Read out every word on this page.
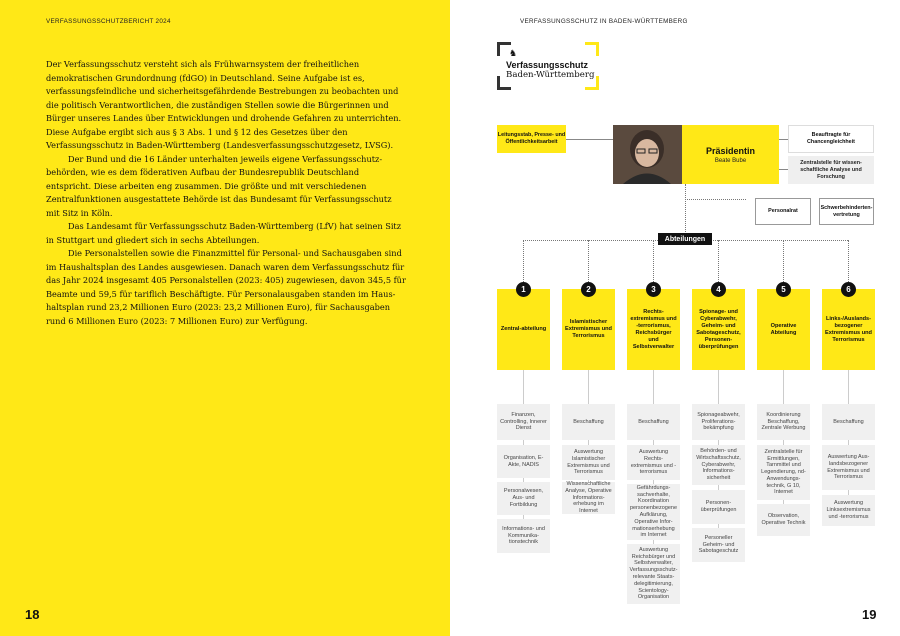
VERFASSUNGSSCHUTZBERICHT 2024

Der Verfassungsschutz versteht sich als Frühwarnsystem der freiheitlichen demokratischen Grundordnung (fdGO) in Deutschland. Seine Aufgabe ist es, verfassungsfeindliche und sicherheitsgefährdende Bestrebungen zu beobachten und die politisch Verantwortlichen, die zuständigen Stellen sowie die Bürgerinnen und Bürger unseres Landes über Entwicklungen und drohende Gefahren zu unterrichten. Diese Aufgabe ergibt sich aus § 3 Abs. 1 und § 12 des Gesetzes über den Verfassungsschutz in Baden-Württemberg (Landesverfassungsschutzgesetz, LVSG).

Der Bund und die 16 Länder unterhalten jeweils eigene Verfassungsschutz-behörden, wie es dem föderativen Aufbau der Bundesrepublik Deutschland entspricht. Diese arbeiten eng zusammen. Die größte und mit verschiedenen Zentralfunktionen ausgestattete Behörde ist das Bundesamt für Verfassungsschutz mit Sitz in Köln.

Das Landesamt für Verfassungsschutz Baden-Württemberg (LfV) hat seinen Sitz in Stuttgart und gliedert sich in sechs Abteilungen.

Die Personalstellen sowie die Finanzmittel für Personal- und Sachausgaben sind im Haushaltsplan des Landes ausgewiesen. Danach waren dem Verfassungsschutz für das Jahr 2024 insgesamt 405 Personalstellen (2023: 405) zugewiesen, davon 345,5 für Beamte und 59,5 für tariflich Beschäftigte. Für Personalausgaben standen im Haus-haltsplan rund 23,2 Millionen Euro (2023: 23,2 Millionen Euro), für Sachausgaben rund 6 Millionen Euro (2023: 7 Millionen Euro) zur Verfügung.

18
VERFASSUNGSSCHUTZ IN BADEN-WÜRTTEMBERG
19
♞
Verfassungsschutz
Baden-Württemberg
Leitungsstab, Presse- und Öffentlichkeitsarbeit
Präsidentin
Beate Bube
Beauftragte für Chancengleichheit
Zentralstelle für wissen-schaftliche Analyse und Forschung
Personalrat
Schwerbehinderten-vertretung
Abteilungen
Zentral-abteilung
Islamistischer Extremismus und Terrorismus
Rechts-extremismus und -terrorismus, Reichsbürger und Selbstverwalter
Spionage- und Cyberabwehr, Geheim- und Sabotageschutz, Personen-überprüfungen
Operative Abteilung
Links-/Auslands-bezogener Extremismus und Terrorismus
1	2	3	4	5	6
Finanzen, Controlling, Innerer Dienst
Organisation, E-Akte, NADIS
Personalwesen, Aus- und Fortbildung
Informations- und Kommunika-tionstechnik
Beschaffung
Auswertung Islamistischer Extremismus und Terrorismus
Wissenschaftliche Analyse, Operative Informations-erhebung im Internet
Beschaffung
Auswertung Rechts-extremismus und -terrorismus
Gefährdungs-sachverhalte, Koordination personenbezogene Aufklärung, Operative Infor-mationserhebung im Internet
Auswertung Reichsbürger und Selbstverwalter, Verfassungsschutz-relevante Staats-delegitimierung, Scientology-Organisation
Spionageabwehr, Proliferations-bekämpfung
Behörden- und Wirtschaftsschutz, Cyberabwehr, Informations-sicherheit
Personen-überprüfungen
Personeller Geheim- und Sabotageschutz
Koordinierung Beschaffung, Zentrale Werbung
Zentralstelle für Ermittlungen, Tarnmittel und Legendierung, nd-Anwendungs-technik, G 10, Internet
Observation, Operative Technik
Beschaffung
Auswertung Aus-landsbezogener Extremismus und Terrorismus
Auswertung Linksextremismus und -terrorismus
